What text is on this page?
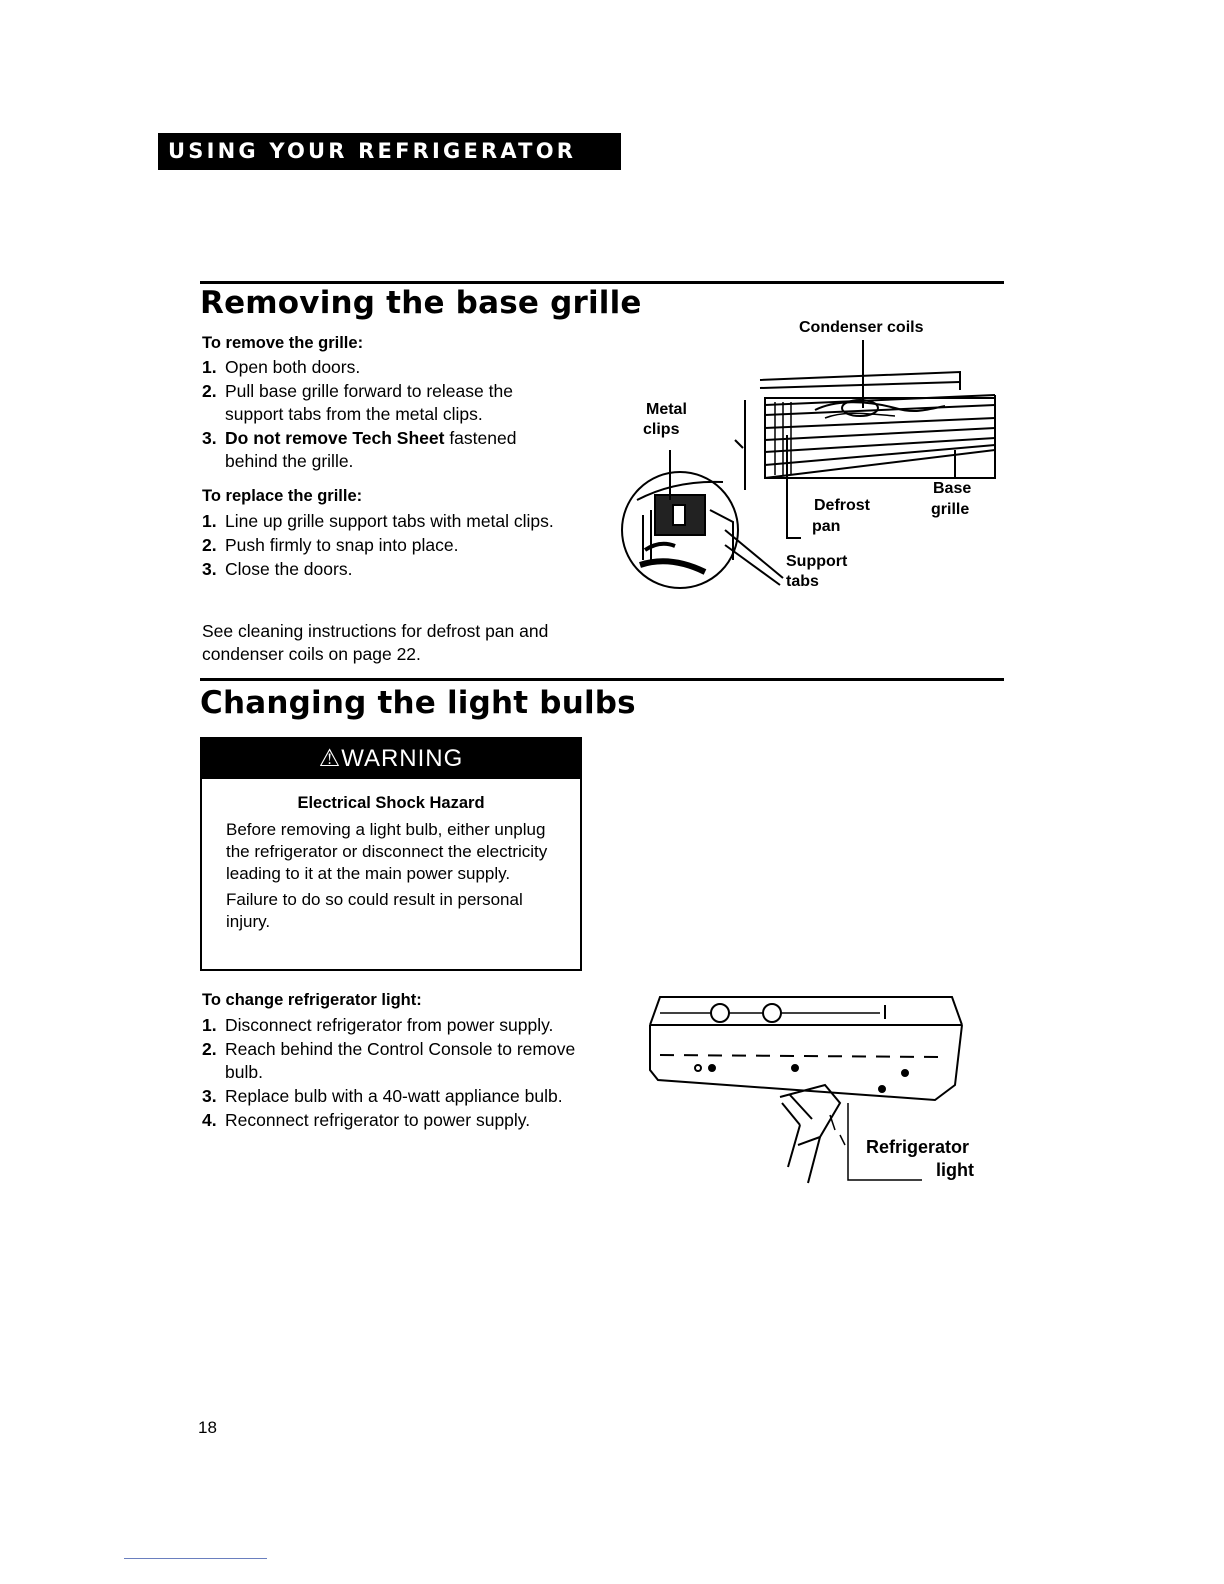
USING YOUR REFRIGERATOR
Removing the base grille
To remove the grille:
1. Open both doors.
2. Pull base grille forward to release the support tabs from the metal clips.
3. Do not remove Tech Sheet fastened behind the grille.
To replace the grille:
1. Line up grille support tabs with metal clips.
2. Push firmly to snap into place.
3. Close the doors.
See cleaning instructions for defrost pan and condenser coils on page 22.
Condenser coils
Metal
clips
Base
grille
Defrost
pan
Support
tabs
Changing the light bulbs
⚠WARNING
Electrical Shock Hazard

Before removing a light bulb, either unplug the refrigerator or disconnect the electricity leading to it at the main power supply.

Failure to do so could result in personal injury.

To change refrigerator light:
1. Disconnect refrigerator from power supply.
2. Reach behind the Control Console to remove bulb.
3. Replace bulb with a 40-watt appliance bulb.
4. Reconnect refrigerator to power supply.
Refrigerator
light
18
